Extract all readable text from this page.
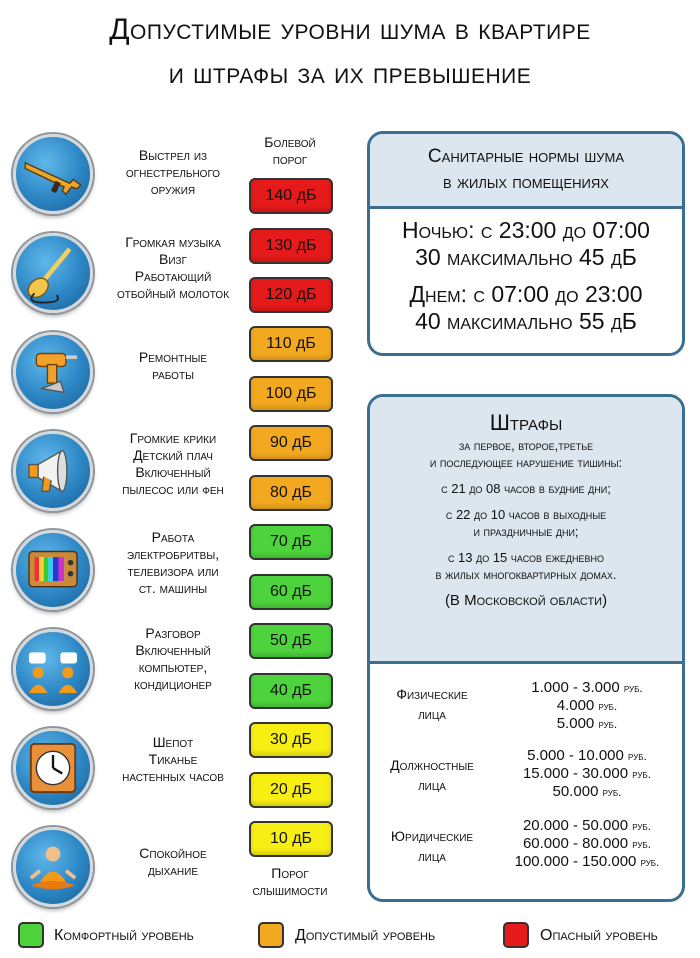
Допустимые уровни шума в квартире
и штрафы за их превышение
Выстрел из
огнестрельного
оружия
Громкая музыка
Визг
Работающий
отбойный молоток
Ремонтные
работы
Громкие крики
Детский плач
Включенный
пылесос или фен
Работа
электробритвы,
телевизора или
ст. машины
Разговор
Включенный
компьютер,
кондиционер
Шепот
Тиканье
настенных часов
Спокойное
дыхание
Болевой
порог
Порог
слышимости
140 дБ
130 дБ
120 дБ
110 дБ
100 дБ
90 дБ
80 дБ
70 дБ
60 дБ
50 дБ
40 дБ
30 дБ
20 дБ
10 дБ
Санитарные нормы шума
в жилых помещениях
Ночью: с 23:00 до 07:00
30 максимально 45 дБ
Днем: с 07:00 до 23:00
40 максимально 55 дБ
Штрафы
за первое, второе,третье
и последующее нарушение тишины:
с 21 до 08 часов в будние дни;
с 22 до 10 часов в выходные
и праздничные дни;
с 13 до 15 часов ежедневно
в жилых многоквартирных домах.
(В Московской области)
Физические
лица
1.000 - 3.000 руб.
4.000 руб.
5.000 руб.
Должностные
лица
5.000 - 10.000 руб.
15.000 - 30.000 руб.
50.000 руб.
Юридические
лица
20.000 - 50.000 руб.
60.000 - 80.000 руб.
100.000 - 150.000 руб.
Комфортный уровень	Допустимый уровень	Опасный уровень
